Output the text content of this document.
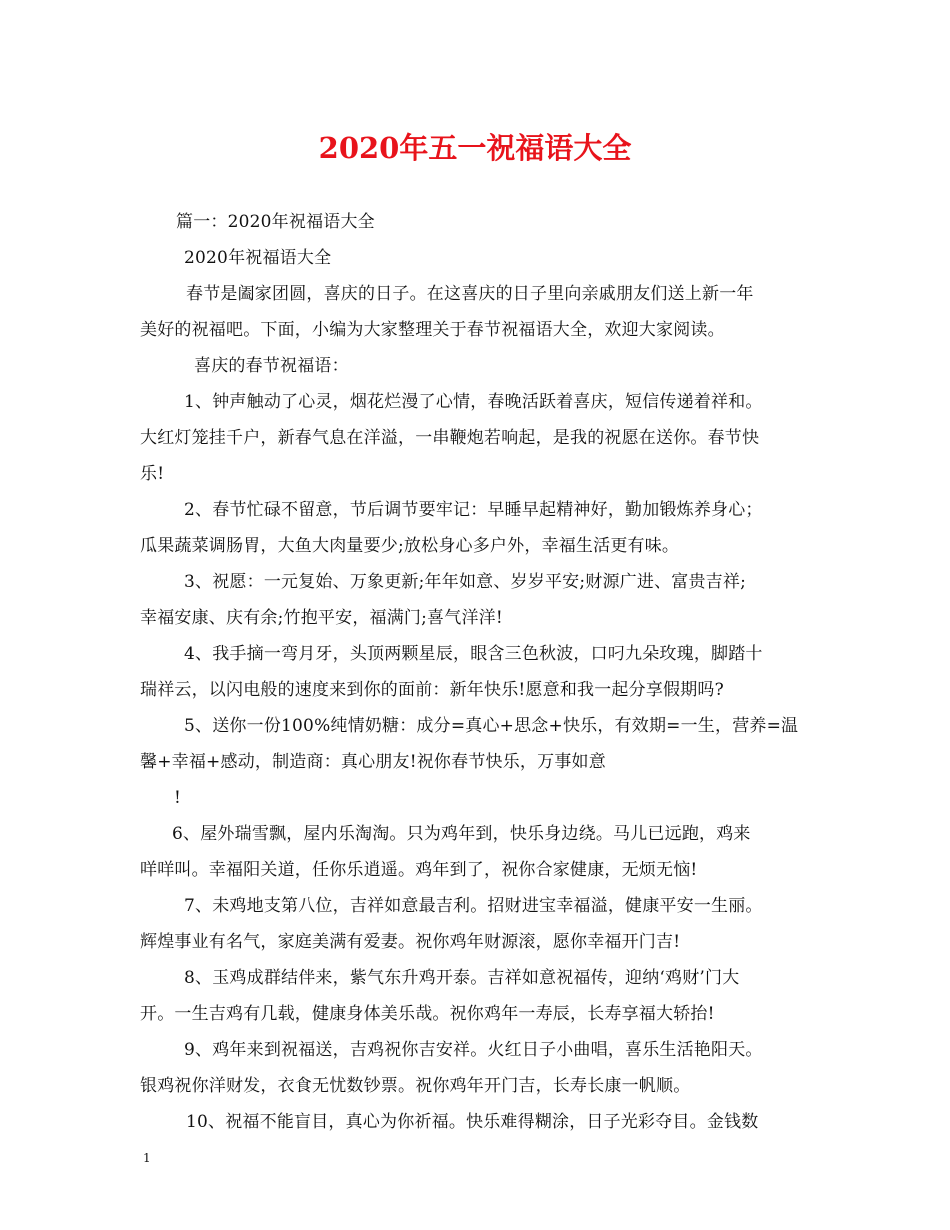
2020年五一祝福语大全
篇一：2020年祝福语大全
2020年祝福语大全
春节是阖家团圆，喜庆的日子。在这喜庆的日子里向亲戚朋友们送上新一年
美好的祝福吧。下面，小编为大家整理关于春节祝福语大全，欢迎大家阅读。
喜庆的春节祝福语：
1、钟声触动了心灵，烟花烂漫了心情，春晚活跃着喜庆，短信传递着祥和。
大红灯笼挂千户，新春气息在洋溢，一串鞭炮若响起，是我的祝愿在送你。春节快
乐!
2、春节忙碌不留意，节后调节要牢记：早睡早起精神好，勤加锻炼养身心；
瓜果蔬菜调肠胃，大鱼大肉量要少;放松身心多户外，幸福生活更有味。
3、祝愿：一元复始、万象更新;年年如意、岁岁平安;财源广进、富贵吉祥;
幸福安康、庆有余;竹抱平安，福满门;喜气洋洋!
4、我手摘一弯月牙，头顶两颗星辰，眼含三色秋波，口叼九朵玫瑰，脚踏十
瑞祥云，以闪电般的速度来到你的面前：新年快乐!愿意和我一起分享假期吗?
5、送你一份100%纯情奶糖：成分=真心+思念+快乐，有效期=一生，营养=温
馨+幸福+感动，制造商：真心朋友!祝你春节快乐，万事如意
!
6、屋外瑞雪飘，屋内乐淘淘。只为鸡年到，快乐身边绕。马儿已远跑，鸡来
咩咩叫。幸福阳关道，任你乐逍遥。鸡年到了，祝你合家健康，无烦无恼!
7、未鸡地支第八位，吉祥如意最吉利。招财进宝幸福溢，健康平安一生丽。
辉煌事业有名气，家庭美满有爱妻。祝你鸡年财源滚，愿你幸福开门吉!
8、玉鸡成群结伴来，紫气东升鸡开泰。吉祥如意祝福传，迎纳‘鸡财’门大
开。一生吉鸡有几载，健康身体美乐哉。祝你鸡年一寿辰，长寿享福大轿抬!
9、鸡年来到祝福送，吉鸡祝你吉安祥。火红日子小曲唱，喜乐生活艳阳天。
银鸡祝你洋财发，衣食无忧数钞票。祝你鸡年开门吉，长寿长康一帆顺。
10、祝福不能盲目，真心为你祈福。快乐难得糊涂，日子光彩夺目。金钱数
1
